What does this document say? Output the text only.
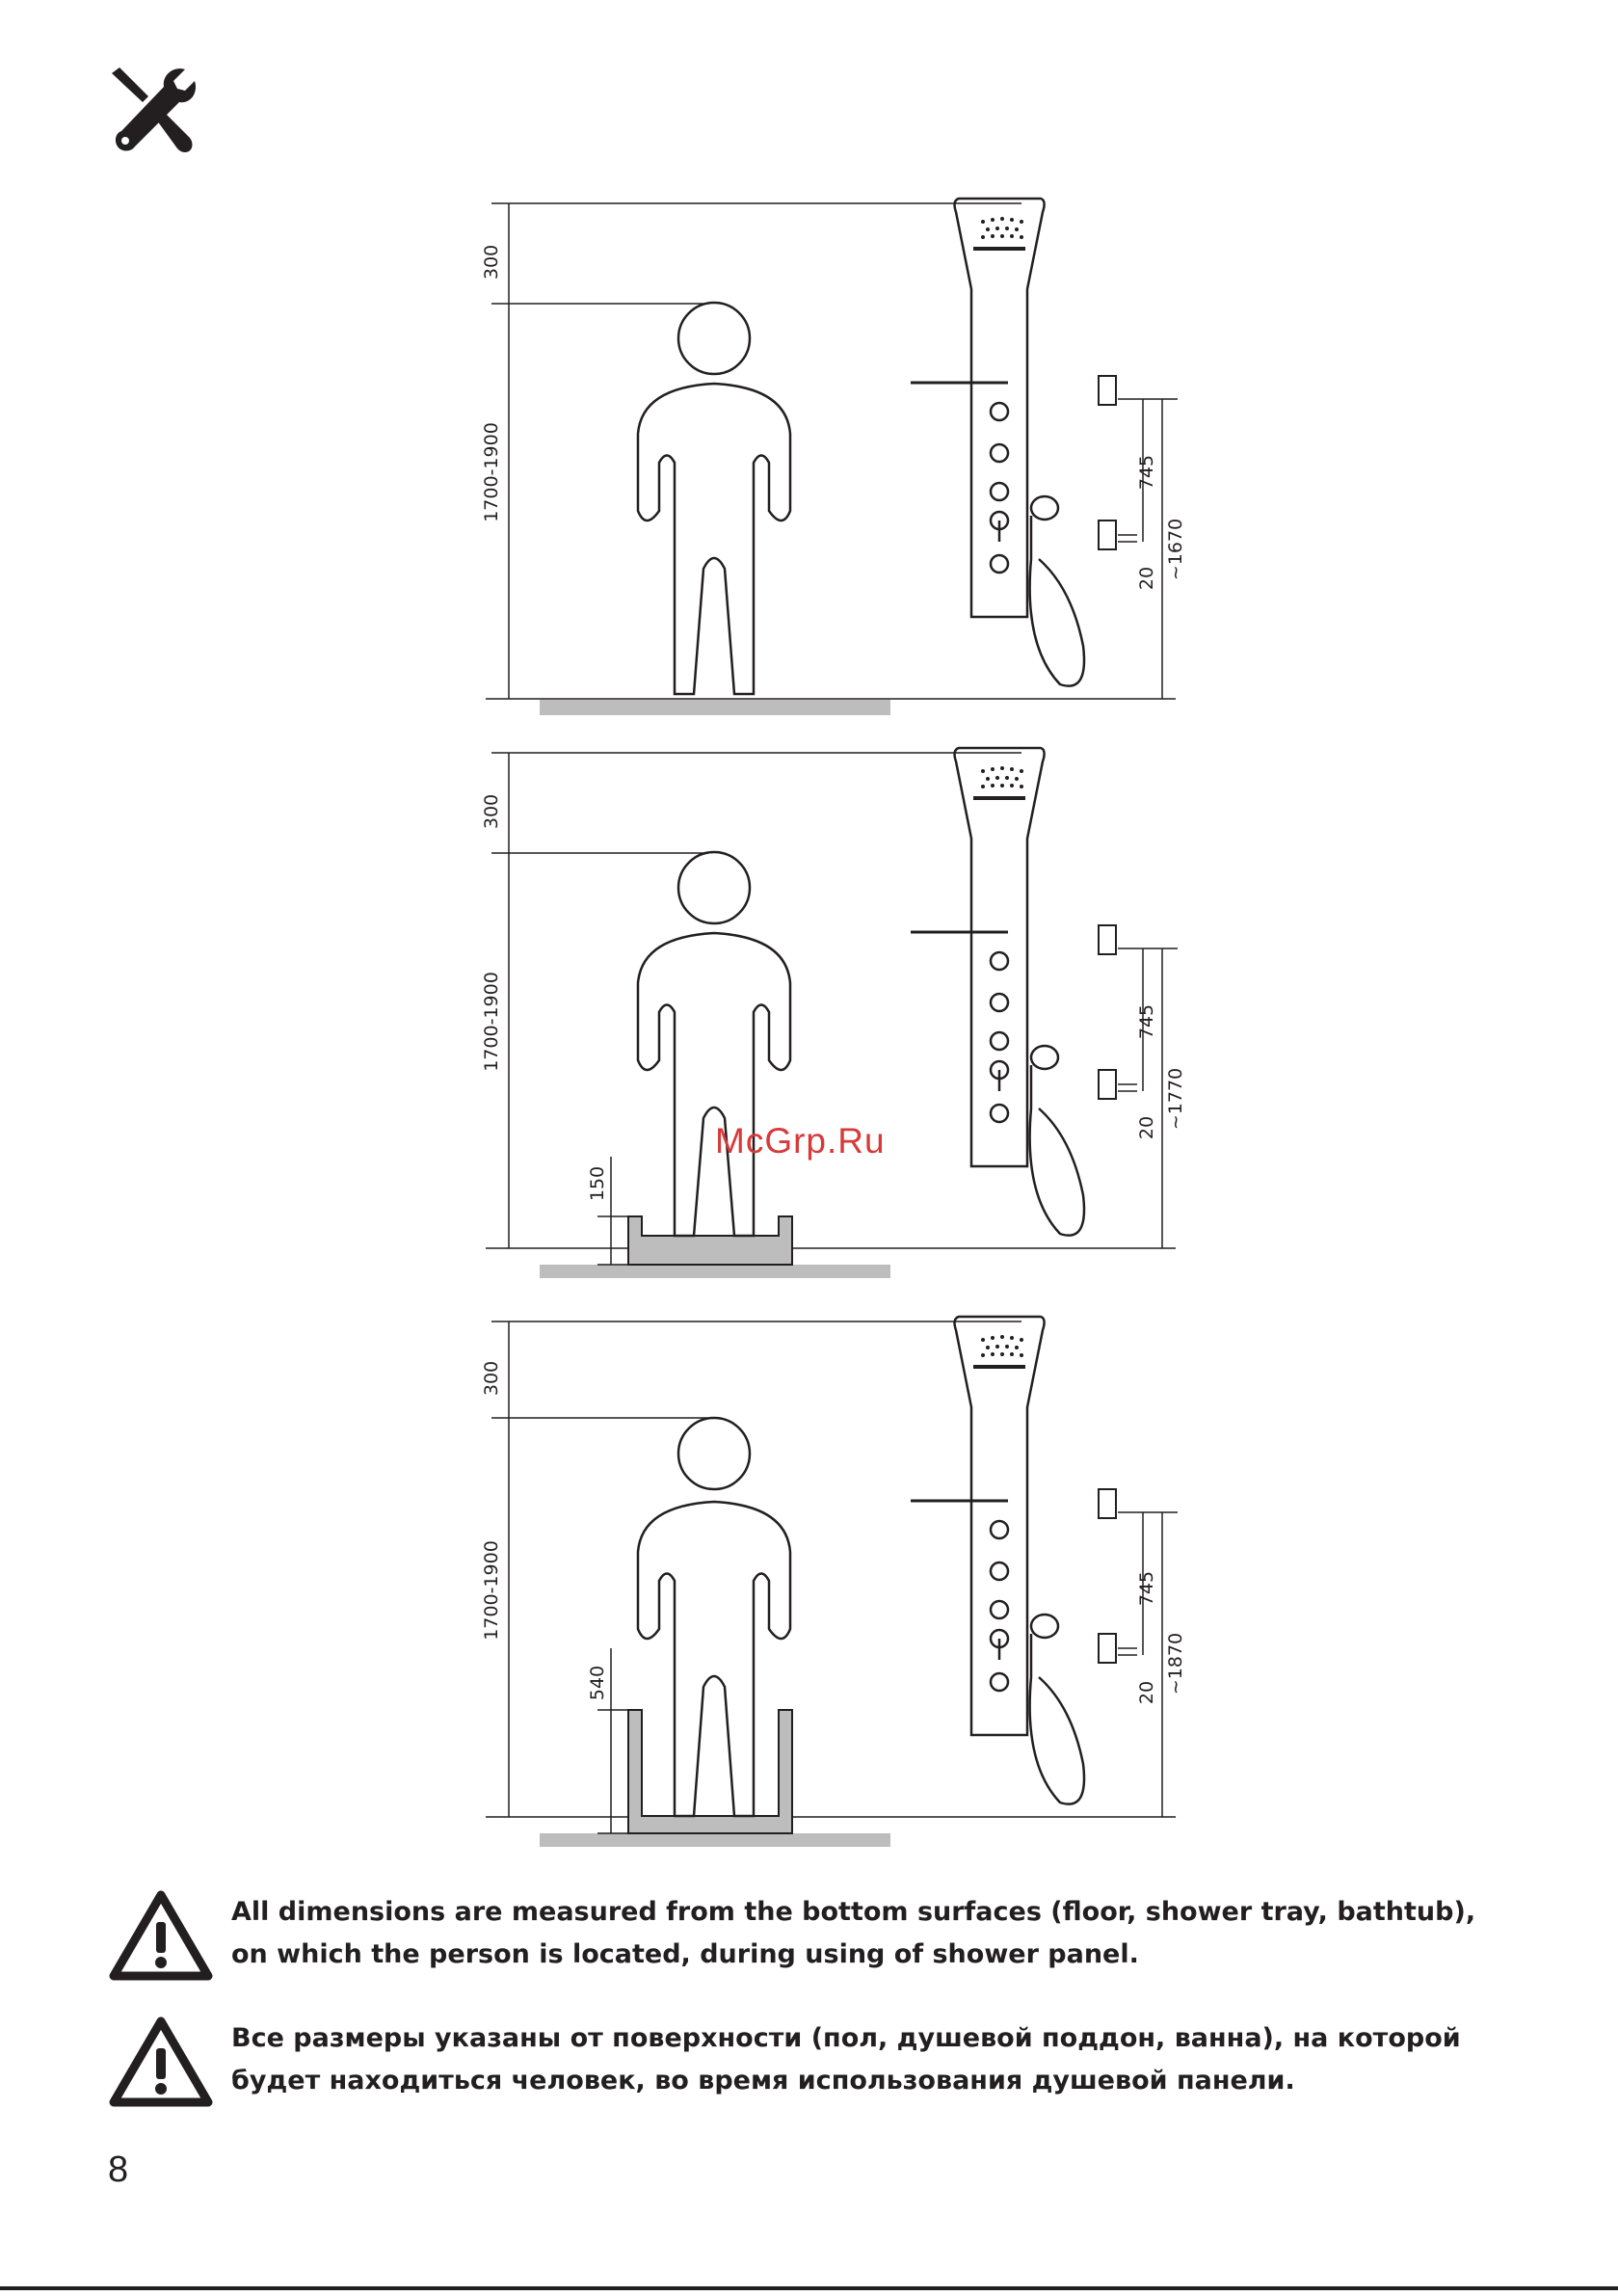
300
1700-1900	745
20 ~1670
300
1700-1900
150
745
20 ~1770
300
1700-1900
540
745
20 ~1870
McGrp.Ru
All dimensions are measured from the bottom surfaces (floor, shower tray, bathtub),
on which the person is located, during using of shower panel.
Все размеры указаны от поверхности (пол, душевой поддон, ванна), на которой
будет находиться человек, во время использования душевой панели.
8
